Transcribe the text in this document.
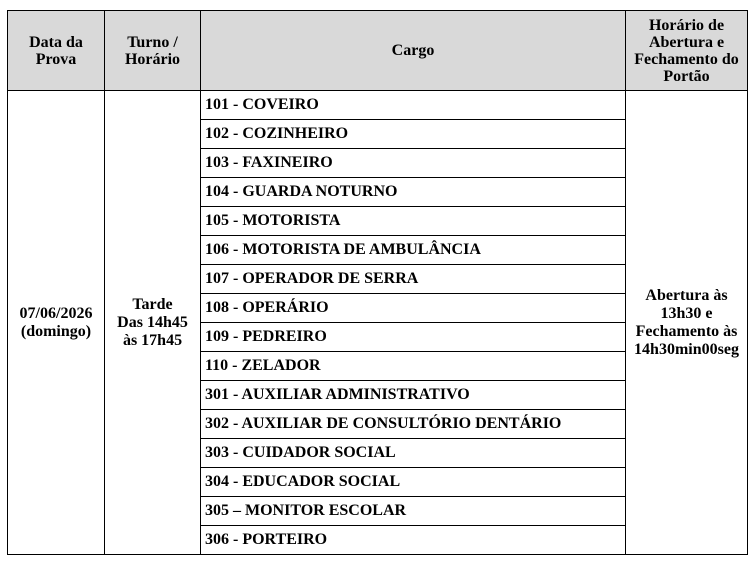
Data da
Prova	Turno /
Horário	Cargo	Horário de
Abertura e
Fechamento do
Portão

07/06/2026
(domingo)	Tarde
Das 14h45
às 17h45	101 - COVEIRO	Abertura às
13h30 e
Fechamento às
14h30min00seg

		102 - COZINHEIRO	
		103 - FAXINEIRO	
		104 - GUARDA NOTURNO	
		105 - MOTORISTA	
		106 - MOTORISTA DE AMBULÂNCIA	
		107 - OPERADOR DE SERRA	
		108 - OPERÁRIO	
		109 - PEDREIRO	
		110 - ZELADOR	
		301 - AUXILIAR ADMINISTRATIVO	
		302 - AUXILIAR DE CONSULTÓRIO DENTÁRIO	
		303 - CUIDADOR SOCIAL	
		304 - EDUCADOR SOCIAL	
		305 – MONITOR ESCOLAR	
		306 - PORTEIRO	
